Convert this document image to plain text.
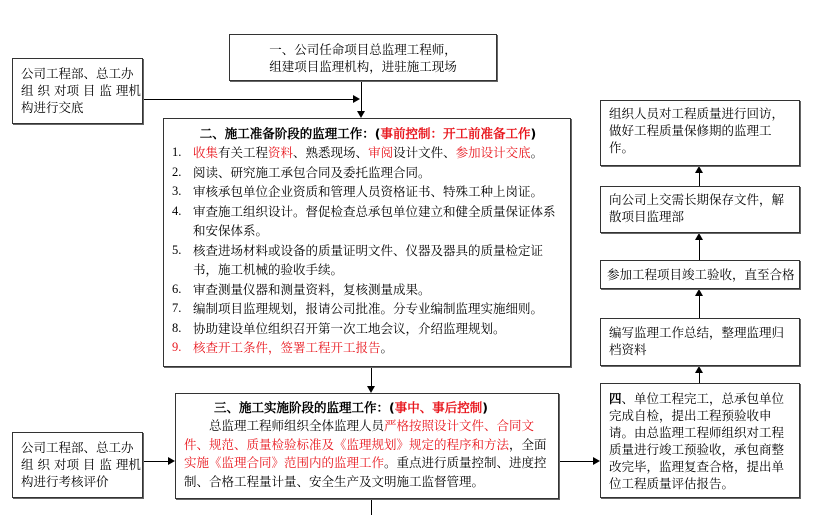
一、公司任命项目总监理工程师，
组建项目监理机构，进驻施工现场
公司工程部、总工办
组 织 对项 目 监 理机
构进行交底
二、施工准备阶段的监理工作：(事前控制：开工前准备工作)
1. 收集有关工程资料、熟悉现场、审阅设计文件、参加设计交底。
2. 阅读、研究施工承包合同及委托监理合同。
3. 审核承包单位企业资质和管理人员资格证书、特殊工种上岗证。
4. 审查施工组织设计。督促检查总承包单位建立和健全质量保证体系和安保体系。
5. 核查进场材料或设备的质量证明文件、仪器及器具的质量检定证书，施工机械的验收手续。
6. 审查测量仪器和测量资料，复核测量成果。
7. 编制项目监理规划，报请公司批准。分专业编制监理实施细则。
8. 协助建设单位组织召开第一次工地会议，介绍监理规划。
9. 核查开工条件，签署工程开工报告。
三、施工实施阶段的监理工作：(事中、事后控制)
总监理工程师组织全体监理人员严格按照设计文件、合同文件、规范、质量检验标准及《监理规划》规定的程序和方法，全面实施《监理合同》范围内的监理工作。重点进行质量控制、进度控制、合格工程量计量、安全生产及文明施工监督管理。
公司工程部、总工办
组 织 对项 目 监 理机
构进行考核评价
组织人员对工程质量进行回访，做好工程质量保修期的监理工作。
向公司上交需长期保存文件，解散项目监理部
参加工程项目竣工验收，直至合格
编写监理工作总结，整理监理归档资料
四、单位工程完工，总承包单位完成自检，提出工程预验收申请。由总监理工程师组织对工程质量进行竣工预验收，承包商整改完毕，监理复查合格，提出单位工程质量评估报告。
